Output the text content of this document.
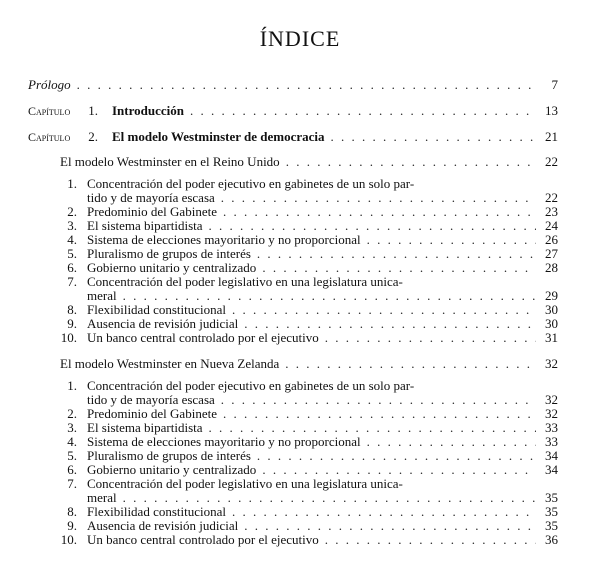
ÍNDICE
Prólogo . . .	7
Capítulo 1. Introducción . . .	13
Capítulo 2. El modelo Westminster de democracia . . .	21
El modelo Westminster en el Reino Unido . . .	22
1. Concentración del poder ejecutivo en gabinetes de un solo par-
tido y de mayoría escasa . . .	22
2. Predominio del Gabinete . . .	23
3. El sistema bipartidista . . .	24
4. Sistema de elecciones mayoritario y no proporcional . . .	26
5. Pluralismo de grupos de interés . . .	27
6. Gobierno unitario y centralizado . . .	28
7. Concentración del poder legislativo en una legislatura unica-
meral . . .	29
8. Flexibilidad constitucional . . .	30
9. Ausencia de revisión judicial . . .	30
10. Un banco central controlado por el ejecutivo . . .	31
El modelo Westminster en Nueva Zelanda . . .	32
1. Concentración del poder ejecutivo en gabinetes de un solo par-
tido y de mayoría escasa . . .	32
2. Predominio del Gabinete . . .	32
3. El sistema bipartidista . . .	33
4. Sistema de elecciones mayoritario y no proporcional . . .	33
5. Pluralismo de grupos de interés . . .	34
6. Gobierno unitario y centralizado . . .	34
7. Concentración del poder legislativo en una legislatura unica-
meral . . .	35
8. Flexibilidad constitucional . . .	35
9. Ausencia de revisión judicial . . .	35
10. Un banco central controlado por el ejecutivo . . .	36
